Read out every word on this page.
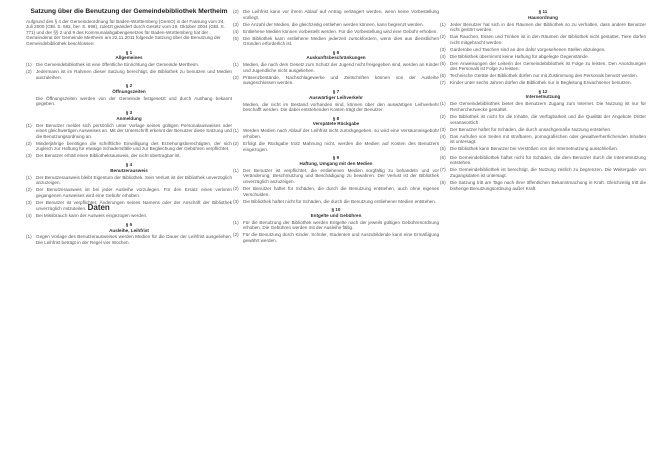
Satzung über die Benutzung der Gemeindebibliothek Mertheim
Aufgrund des § 4 der Gemeindeordnung für Baden-Württemberg (GemO) in der Fassung vom 24. Juli 2000 (GBl. S. 582, ber. S. 698), zuletzt geändert durch Gesetz vom 19. Oktober 2004 (GBl. S. 771) und der §§ 2 und 9 des Kommunalabgabengesetzes für Baden-Württemberg hat der Gemeinderat der Gemeinde Mertheim am 22.11.2011 folgende Satzung über die Benutzung der Gemeindebibliothek beschlossen:
§ 1
Allgemeines
(1) Die Gemeindebibliothek ist eine öffentliche Einrichtung der Gemeinde Mertheim.
(2) Jedermann ist im Rahmen dieser Satzung berechtigt, die Bibliothek zu benutzen und Medien auszuleihen.
§ 2
Öffnungszeiten
Die Öffnungszeiten werden von der Gemeinde festgesetzt und durch Aushang bekannt gegeben.
§ 3
Anmeldung
(1) Der Benutzer meldet sich persönlich unter Vorlage seines gültigen Personalausweises oder eines gleichwertigen Ausweises an. Mit der Unterschrift erkennt der Benutzer diese Satzung und die Benutzungsordnung an.
(2) Minderjährige benötigen die schriftliche Einwilligung des Erziehungsberechtigten, der sich zugleich zur Haftung für etwaige Schadensfälle und zur Begleichung der Gebühren verpflichtet.
(3) Der Benutzer erhält einen Bibliotheksausweis, der nicht übertragbar ist.
§ 4
Benutzerausweis
(1) Der Benutzerausweis bleibt Eigentum der Bibliothek. Sein Verlust ist der Bibliothek unverzüglich anzuzeigen.
(2) Der Benutzerausweis ist bei jeder Ausleihe vorzulegen. Für den Ersatz eines verloren gegangenen Ausweises wird eine Gebühr erhoben.
(3) Der Benutzer ist verpflichtet, Änderungen seines Namens oder der Anschrift der Bibliothek unverzüglich mitzuteilen. Daten
(4) Bei Missbrauch kann der Ausweis eingezogen werden.
§ 5
Ausleihe, Leihfrist
(1) Gegen Vorlage des Benutzerausweises werden Medien für die Dauer der Leihfrist ausgeliehen. Die Leihfrist beträgt in der Regel vier Wochen.
(2) Die Leihfrist kann vor ihrem Ablauf auf Antrag verlängert werden, wenn keine Vorbestellung vorliegt.
(3) Die Anzahl der Medien, die gleichzeitig entliehen werden können, kann begrenzt werden.
(4) Entliehene Medien können vorbestellt werden. Für die Vorbestellung wird eine Gebühr erhoben.
(5) Die Bibliothek kann entliehene Medien jederzeit zurückfordern, wenn dies aus dienstlichen Gründen erforderlich ist.
§ 6
Auskunftsbeschränkungen
(1) Medien, die nach dem Gesetz zum Schutz der Jugend nicht freigegeben sind, werden an Kinder und Jugendliche nicht ausgeliehen.
(2) Präsenzbestände, Nachschlagewerke und Zeitschriften können von der Ausleihe ausgeschlossen werden.
§ 7
Auswärtiger Leihverkehr
Medien, die nicht im Bestand vorhanden sind, können über den auswärtigen Leihverkehr beschafft werden. Die dabei entstehenden Kosten trägt der Benutzer.
§ 8
Verspätete Rückgabe
(1) Werden Medien nach Ablauf der Leihfrist nicht zurückgegeben, so wird eine Versäumnisgebühr erhoben.
(2) Erfolgt die Rückgabe trotz Mahnung nicht, werden die Medien auf Kosten des Benutzers eingezogen.
§ 9
Haftung, Umgang mit den Medien
(1) Der Benutzer ist verpflichtet, die entliehenen Medien sorgfältig zu behandeln und vor Veränderung, Beschmutzung und Beschädigung zu bewahren. Der Verlust ist der Bibliothek unverzüglich anzuzeigen.
(2) Der Benutzer haftet für Schäden, die durch die Benutzung entstehen, auch ohne eigenes Verschulden.
(3) Die Bibliothek haftet nicht für Schäden, die durch die Benutzung entliehener Medien entstehen.
§ 10
Entgelte und Gebühren
(1) Für die Benutzung der Bibliothek werden Entgelte nach der jeweils gültigen Gebührenordnung erhoben. Die Gebühren werden mit der Ausleihe fällig.
(2) Für die Benutzung durch Kinder, Schüler, Studenten und Auszubildende kann eine Ermäßigung gewährt werden.
§ 11
Hausordnung
(1) Jeder Benutzer hat sich in den Räumen der Bibliothek so zu verhalten, dass andere Benutzer nicht gestört werden.
(2) Das Rauchen, Essen und Trinken ist in den Räumen der Bibliothek nicht gestattet. Tiere dürfen nicht mitgebracht werden.
(3) Garderobe und Taschen sind an den dafür vorgesehenen Stellen abzulegen.
(4) Die Bibliothek übernimmt keine Haftung für abgelegte Gegenstände.
(5) Den Anweisungen der Leiterin der Gemeindebibliothek ist Folge zu leisten. Den Anordnungen des Personals ist Folge zu leisten.
(6) Technische Geräte der Bibliothek dürfen nur mit Zustimmung des Personals benutzt werden.
(7) Kinder unter sechs Jahren dürfen die Bibliothek nur in Begleitung Erwachsener benutzen.
§ 12
Internetnutzung
(1) Die Gemeindebibliothek bietet den Benutzern Zugang zum Internet. Die Nutzung ist nur für Recherchezwecke gestattet.
(2) Die Bibliothek ist nicht für die Inhalte, die Verfügbarkeit und die Qualität der Angebote Dritter verantwortlich.
(3) Der Benutzer haftet für Schäden, die durch unsachgemäße Nutzung entstehen.
(4) Das Aufrufen von Seiten mit strafbaren, pornografischen oder gewaltverherrlichenden Inhalten ist untersagt.
(5) Die Bibliothek kann Benutzer bei Verstößen von der Internetnutzung ausschließen.
(6) Die Gemeindebibliothek haftet nicht für Schäden, die dem Benutzer durch die Internetnutzung entstehen.
(7) Die Gemeindebibliothek ist berechtigt, die Nutzung zeitlich zu begrenzen. Die Weitergabe von Zugangsdaten ist untersagt.
(8) Die Satzung tritt am Tage nach ihrer öffentlichen Bekanntmachung in Kraft. Gleichzeitig tritt die bisherige Benutzungsordnung außer Kraft.
